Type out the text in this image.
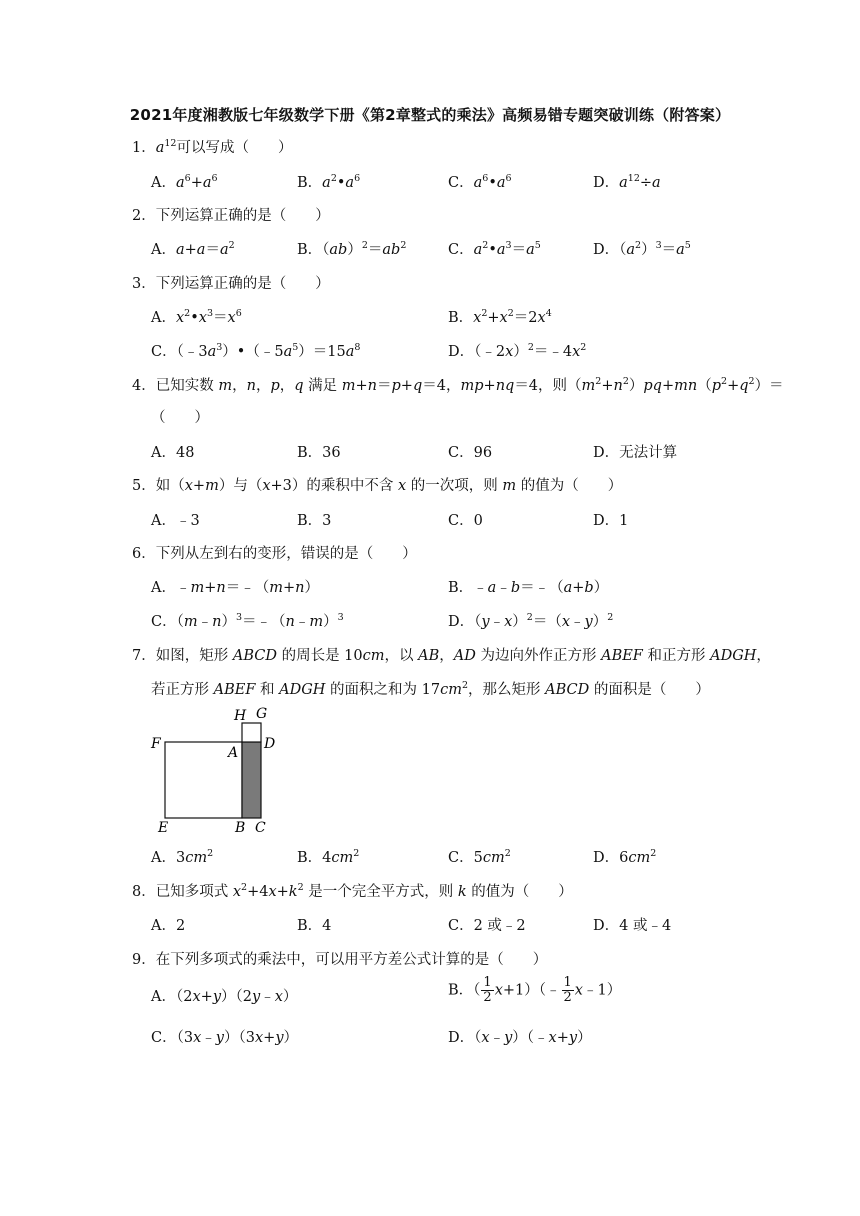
2021年度湘教版七年级数学下册《第2章整式的乘法》高频易错专题突破训练（附答案）
1．$a^{12}$可以写成（　　）
A．$a^6+a^6$	B．$a^2•a^6$	C．$a^6•a^6$	D．$a^{12}\div a$
2．下列运算正确的是（　　）
A．$a+a=a^2$	B．$(ab)^2=ab^2$	C．$a^2•a^3=a^5$	D．$(a^2)^3=a^5$
3．下列运算正确的是（　　）
A．$x^2•x^3=x^6$	B．$x^2+x^2=2x^4$
C．$(﹣3a^3)•(﹣5a^5)=15a^8$	D．$(﹣2x)^2=﹣4x^2$
4．已知实数 m，n，p，q 满足 m+n＝p+q＝4，mp+nq＝4，则$(m^2+n^2)pq+mn(p^2+q^2)=$
（　　）
A．48	B．36	C．96	D．无法计算
5．如（x+m）与（x+3）的乘积中不含 x 的一次项，则 m 的值为（　　）
A．﹣3	B．3	C．0	D．1
6．下列从左到右的变形，错误的是（　　）
A．﹣m+n＝﹣（m+n）	B．﹣a﹣b＝﹣（a+b）
C．（m﹣n）$^3$＝﹣（n﹣m）$^3$	D．（y﹣x）$^2$＝（x﹣y）$^2$
7．如图，矩形 ABCD 的周长是 10cm，以 AB，AD 为边向外作正方形 ABEF 和正方形 ADGH，
若正方形 ABEF 和 ADGH 的面积之和为 $17cm^2$，那么矩形 ABCD 的面积是（　　）
H G
F
A
D
E	B C
A．$3cm^2$	B．$4cm^2$	C．$5cm^2$	D．$6cm^2$
8．已知多项式 $x^2+4x+k^2$ 是一个完全平方式，则 k 的值为（　　）
A．2	B．4	C．2 或﹣2	D．4 或﹣4
9．在下列多项式的乘法中，可以用平方差公式计算的是（　　）
A．（2x+y）（2y﹣x）	B．（ $\frac{1}{2}$ x+1）（﹣ $\frac{1}{2}$ x﹣1）
C．（3x﹣y）（3x+y）	D．（x﹣y）（﹣x+y）
